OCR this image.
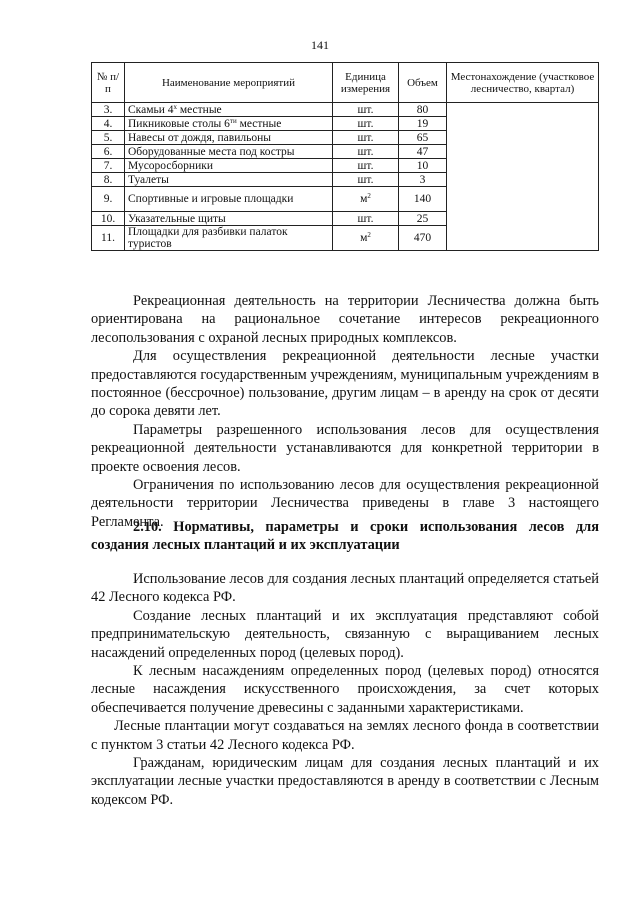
141
№ п/п	Наименование мероприятий	Единица измерения	Объем	Местонахождение (участковое лесничество, квартал)
3.	Скамьи $4^х$ местные	шт.	80	
4.	Пикниковые столы $6^{ти}$ местные	шт.	19	
5.	Навесы от дождя, павильоны	шт.	65	
6.	Оборудованные места под костры	шт.	47	
7.	Мусоросборники	шт.	10	
8.	Туалеты	шт.	3	
9.	Спортивные и игровые площадки	$м^2$	140	
10.	Указательные щиты	шт.	25	
11.	Площадки для разбивки палаток туристов	$м^2$	470	

Рекреационная деятельность на территории Лесничества должна быть ориентирована на рациональное сочетание интересов рекреационного лесопользования с охраной лесных природных комплексов.

Для осуществления рекреационной деятельности лесные участки предоставляются государственным учреждениям, муниципальным учреждениям в постоянное (бессрочное) пользование, другим лицам – в аренду на срок от десяти до сорока девяти лет.

Параметры разрешенного использования лесов для осуществления рекреационной деятельности устанавливаются для конкретной территории в проекте освоения лесов.

Ограничения по использованию лесов для осуществления рекреационной деятельности территории Лесничества приведены в главе 3 настоящего Регламента.

2.10. Нормативы, параметры и сроки использования лесов для создания лесных плантаций и их эксплуатации

Использование лесов для создания лесных плантаций определяется статьей 42 Лесного кодекса РФ.

Создание лесных плантаций и их эксплуатация представляют собой предпринимательскую деятельность, связанную с выращиванием лесных насаждений определенных пород (целевых пород).

К лесным насаждениям определенных пород (целевых пород) относятся лесные насаждения искусственного происхождения, за счет которых обеспечивается получение древесины с заданными характеристиками.

Лесные плантации могут создаваться на землях лесного фонда в соответствии с пунктом 3 статьи 42 Лесного кодекса РФ.

Гражданам, юридическим лицам для создания лесных плантаций и их эксплуатации лесные участки предоставляются в аренду в соответствии с Лесным кодексом РФ.
